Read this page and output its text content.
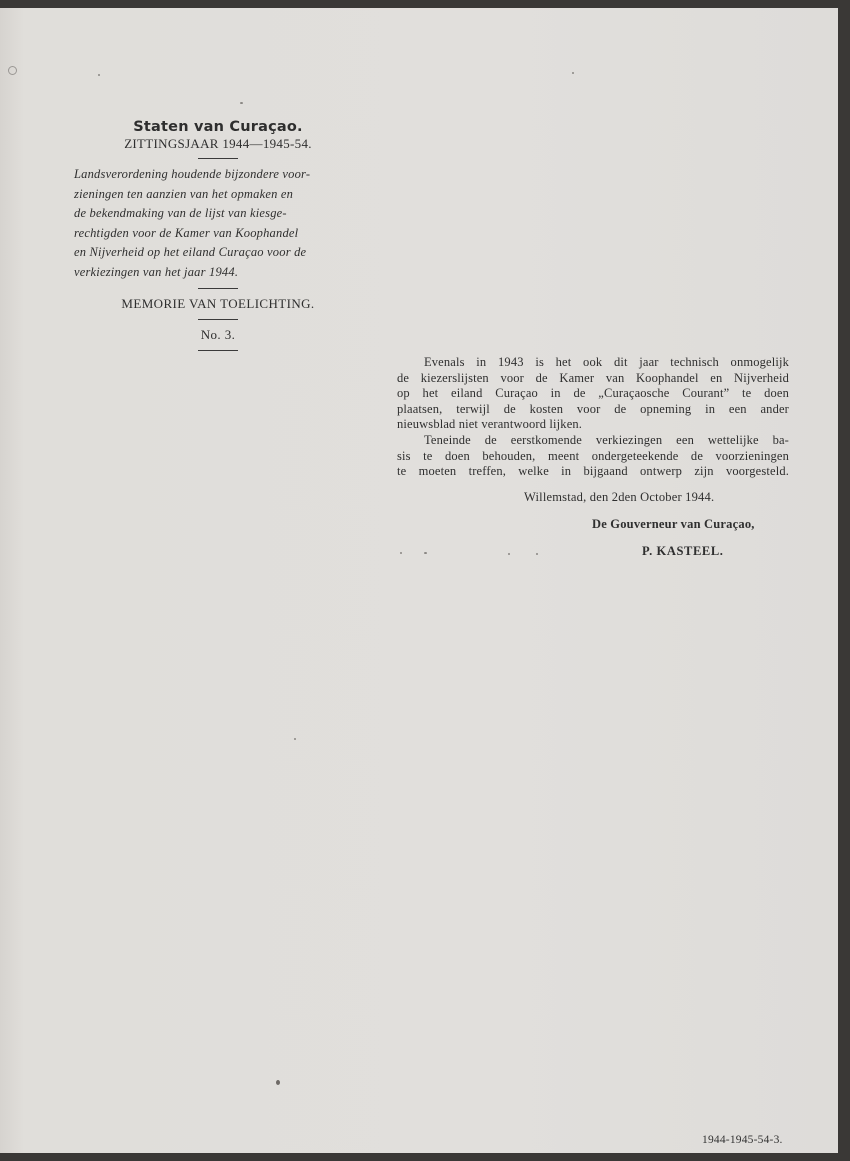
Staten van Curaçao.
ZITTINGSJAAR 1944—1945-54.
Landsverordening houdende bijzondere voor-
zieningen ten aanzien van het opmaken en
de bekendmaking van de lijst van kiesge-
rechtigden voor de Kamer van Koophandel
en Nijverheid op het eiland Curaçao voor de
verkiezingen van het jaar 1944.
MEMORIE VAN TOELICHTING.
No. 3.
Evenals in 1943 is het ook dit jaar technisch onmogelijk
de kiezerslijsten voor de Kamer van Koophandel en Nijverheid
op het eiland Curaçao in de „Curaçaosche Courant” te doen
plaatsen, terwijl de kosten voor de opneming in een ander
nieuwsblad niet verantwoord lijken.
Teneinde de eerstkomende verkiezingen een wettelijke ba-
sis te doen behouden, meent ondergeteekende de voorzieningen
te moeten treffen, welke in bijgaand ontwerp zijn voorgesteld.
Willemstad, den 2den October 1944.
De Gouverneur van Curaçao,
P. KASTEEL.
1944-1945-54-3.
